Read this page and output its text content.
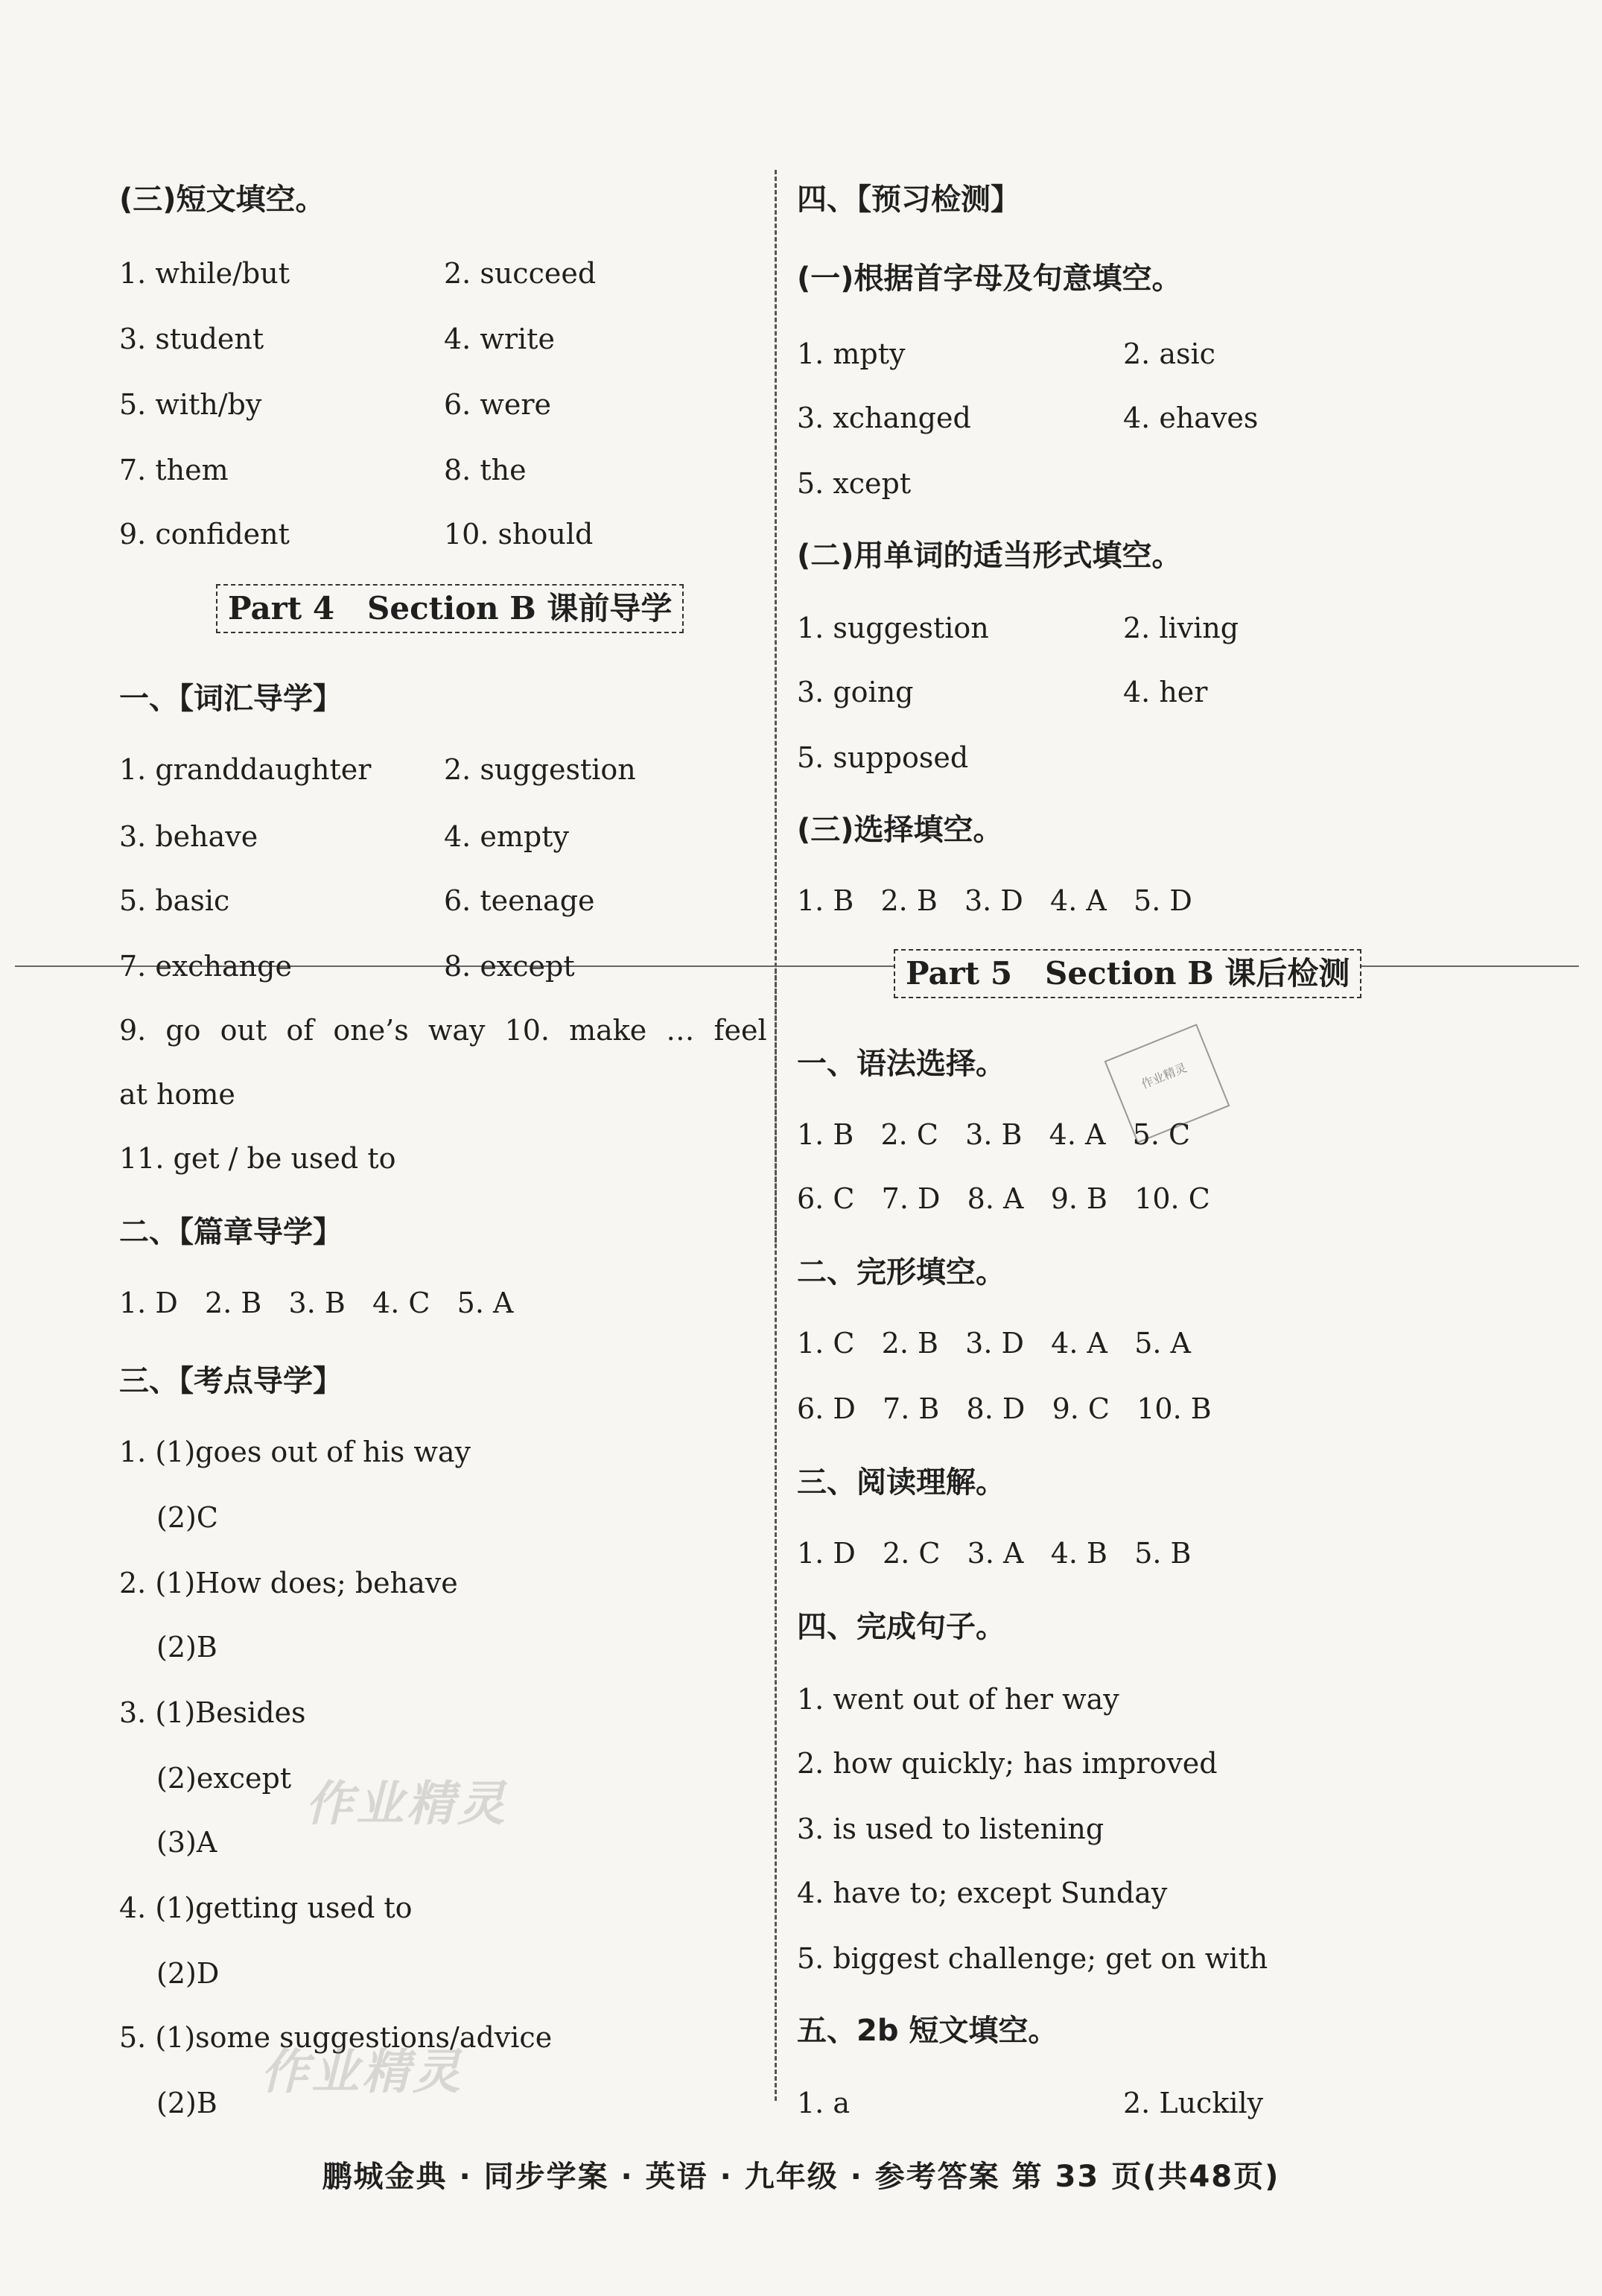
(三)短文填空。
1. while/but	2. succeed
3. student	4. write
5. with/by	6. were
7. them	8. the
9. confident	10. should
Part 4 Section B 课前导学
一、【词汇导学】
1. granddaughter	2. suggestion
3. behave	4. empty
5. basic	6. teenage
7. exchange	8. except
9. go out of one’s way 10. make … feel
at home
11. get / be used to
二、【篇章导学】
1. D   2. B   3. B   4. C   5. A
三、【考点导学】
1. (1)goes out of his way
(2)C
2. (1)How does; behave
(2)B
3. (1)Besides
(2)except
(3)A
4. (1)getting used to
(2)D
5. (1)some suggestions/advice
(2)B
作业精灵
作业精灵
四、【预习检测】
(一)根据首字母及句意填空。
1. mpty	2. asic
3. xchanged	4. ehaves
5. xcept
(二)用单词的适当形式填空。
1. suggestion	2. living
3. going	4. her
5. supposed
(三)选择填空。
1. B   2. B   3. D   4. A   5. D
Part 5 Section B 课后检测
作业精灵
一、语法选择。
1. B   2. C   3. B   4. A   5. C
6. C   7. D   8. A   9. B   10. C
二、完形填空。
1. C   2. B   3. D   4. A   5. A
6. D   7. B   8. D   9. C   10. B
三、阅读理解。
1. D   2. C   3. A   4. B   5. B
四、完成句子。
1. went out of her way
2. how quickly; has improved
3. is used to listening
4. have to; except Sunday
5. biggest challenge; get on with
五、2b 短文填空。
1. a	2. Luckily
鹏城金典 · 同步学案 · 英语 · 九年级 · 参考答案 第 33 页(共48页)
